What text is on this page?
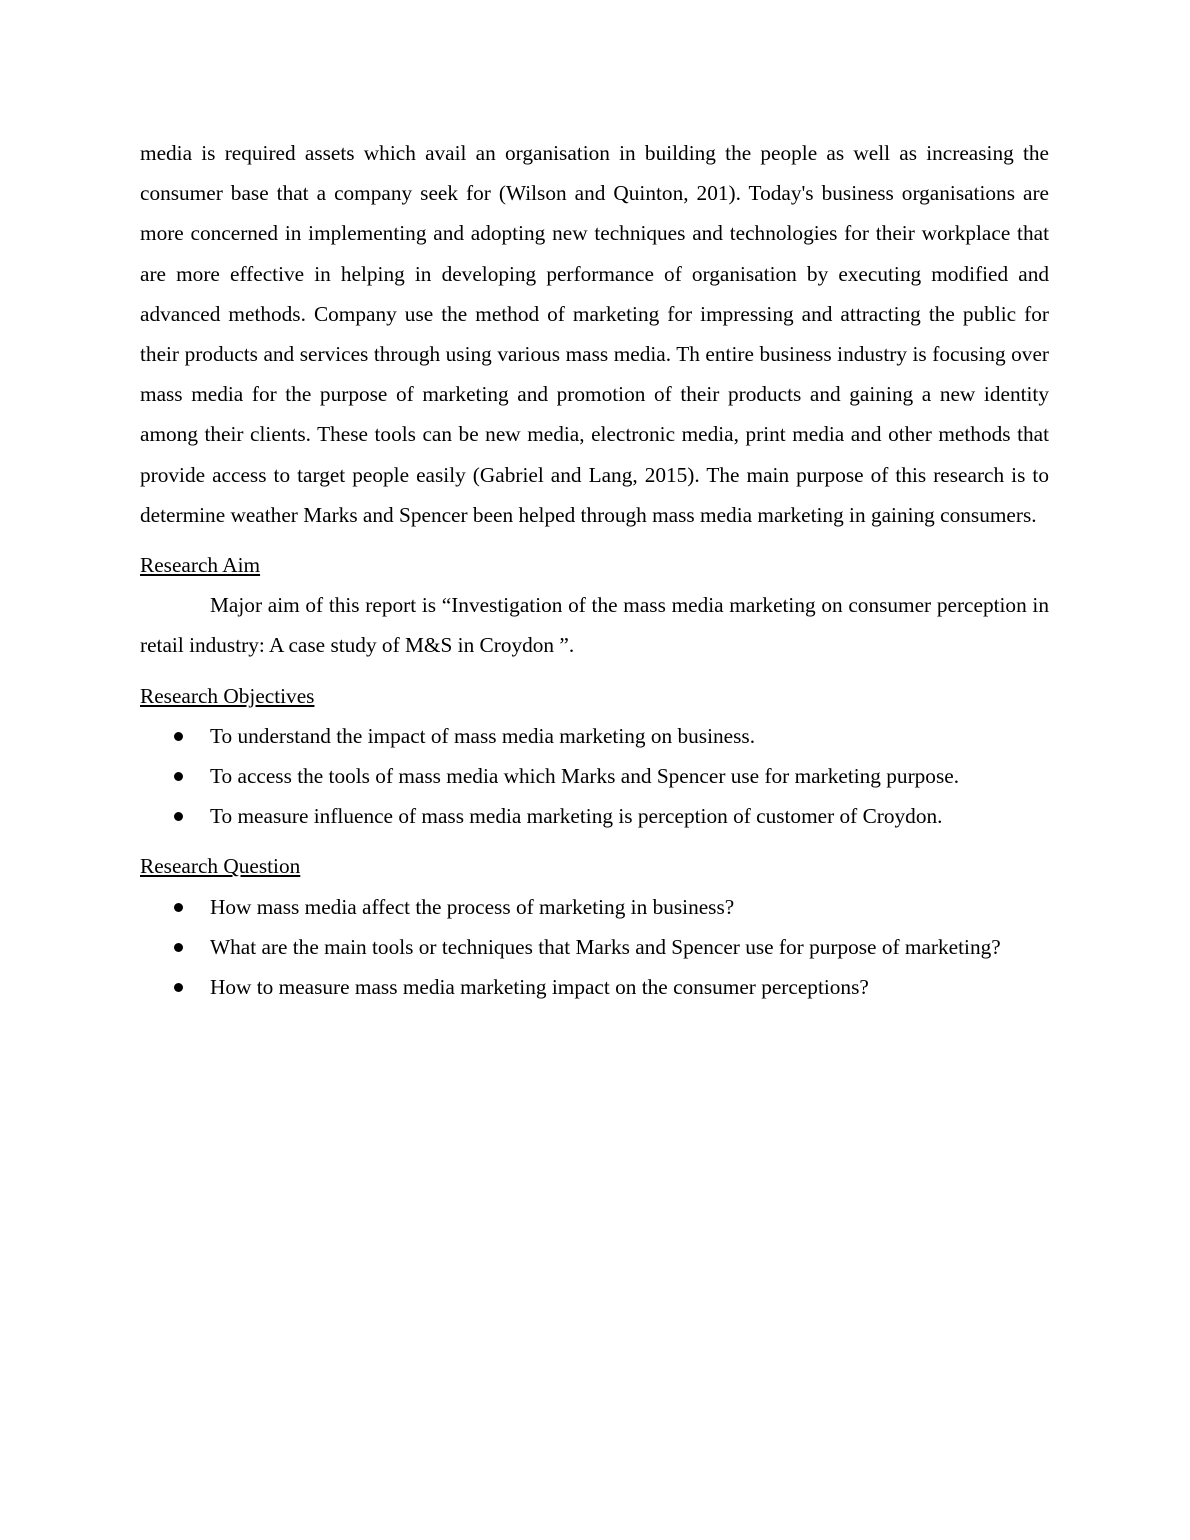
media is required assets which avail an organisation in building the people as well as increasing the consumer base that a company seek for (Wilson and Quinton, 201). Today's business organisations are more concerned in implementing and adopting new techniques and technologies for their workplace that are more effective in helping in developing performance of organisation by executing modified and advanced methods. Company use the method of marketing for impressing and attracting the public for their products and services through using various mass media. Th entire business industry is focusing over mass media for the purpose of marketing and promotion of their products and gaining a new identity among their clients. These tools can be new media, electronic media, print media and other methods that provide access to target people easily (Gabriel and Lang, 2015). The main purpose of this research is to determine weather Marks and Spencer been helped through mass media marketing in gaining consumers.

Research Aim

Major aim of this report is “Investigation of the mass media marketing on consumer perception in retail industry: A case study of M&S in Croydon ”.

Research Objectives

To understand the impact of mass media marketing on business.
To access the tools of mass media which Marks and Spencer use for marketing purpose.
To measure influence of mass media marketing is perception of customer of Croydon.

Research Question

How mass media affect the process of marketing in business?
What are the main tools or techniques that Marks and Spencer use for purpose of marketing?
How to measure mass media marketing impact on the consumer perceptions?
